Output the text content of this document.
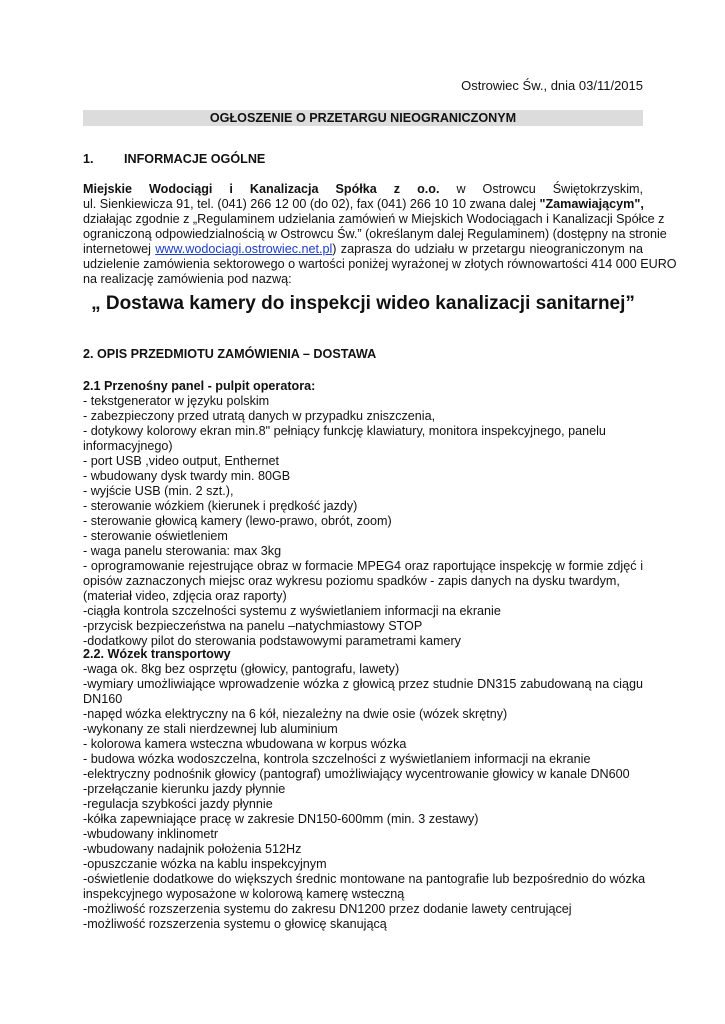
Ostrowiec Św., dnia 03/11/2015
OGŁOSZENIE O PRZETARGU NIEOGRANICZONYM
1. INFORMACJE OGÓLNE
Miejskie Wodociągi i Kanalizacja Spółka z o.o. w Ostrowcu Świętokrzyskim,
ul. Sienkiewicza 91, tel. (041) 266 12 00 (do 02), fax (041) 266 10 10 zwana dalej "Zamawiającym",
działając zgodnie z „Regulaminem udzielania zamówień w Miejskich Wodociągach i Kanalizacji Spółce z
ograniczoną odpowiedzialnością w Ostrowcu Św.” (określanym dalej Regulaminem) (dostępny na stronie
internetowej www.wodociagi.ostrowiec.net.pl) zaprasza do udziału w przetargu nieograniczonym na
udzielenie zamówienia sektorowego o wartości poniżej wyrażonej w złotych równowartości 414 000 EURO
na realizację zamówienia pod nazwą:
„ Dostawa kamery do inspekcji wideo kanalizacji sanitarnej”
2. OPIS PRZEDMIOTU ZAMÓWIENIA – DOSTAWA
2.1 Przenośny panel - pulpit operatora:
- tekstgenerator w języku polskim
- zabezpieczony przed utratą danych w przypadku zniszczenia,
- dotykowy kolorowy ekran min.8" pełniący funkcję klawiatury, monitora inspekcyjnego, panelu
informacyjnego)
- port USB ,video output, Enthernet
- wbudowany dysk twardy min. 80GB
- wyjście USB (min. 2 szt.),
- sterowanie wózkiem (kierunek i prędkość jazdy)
- sterowanie głowicą kamery (lewo-prawo, obrót, zoom)
- sterowanie oświetleniem
- waga panelu sterowania: max 3kg
- oprogramowanie rejestrujące obraz w formacie MPEG4 oraz raportujące inspekcję w formie zdjęć i
opisów zaznaczonych miejsc oraz wykresu poziomu spadków - zapis danych na dysku twardym,
(materiał video, zdjęcia oraz raporty)
-ciągła kontrola szczelności systemu z wyświetlaniem informacji na ekranie
-przycisk bezpieczeństwa na panelu –natychmiastowy STOP
-dodatkowy pilot do sterowania podstawowymi parametrami kamery
2.2. Wózek transportowy
-waga ok. 8kg bez osprzętu (głowicy, pantografu, lawety)
-wymiary umożliwiające wprowadzenie wózka z głowicą przez studnie DN315 zabudowaną na ciągu
DN160
-napęd wózka elektryczny na 6 kół, niezależny na dwie osie (wózek skrętny)
-wykonany ze stali nierdzewnej lub aluminium
- kolorowa kamera wsteczna wbudowana w korpus wózka
- budowa wózka wodoszczelna, kontrola szczelności z wyświetlaniem informacji na ekranie
-elektryczny podnośnik głowicy (pantograf) umożliwiający wycentrowanie głowicy w kanale DN600
-przełączanie kierunku jazdy płynnie
-regulacja szybkości jazdy płynnie
-kółka zapewniające pracę w zakresie DN150-600mm (min. 3 zestawy)
-wbudowany inklinometr
-wbudowany nadajnik położenia 512Hz
-opuszczanie wózka na kablu inspekcyjnym
-oświetlenie dodatkowe do większych średnic montowane na pantografie lub bezpośrednio do wózka
inspekcyjnego wyposażone w kolorową kamerę wsteczną
-możliwość rozszerzenia systemu do zakresu DN1200 przez dodanie lawety centrującej
-możliwość rozszerzenia systemu o głowicę skanującą
